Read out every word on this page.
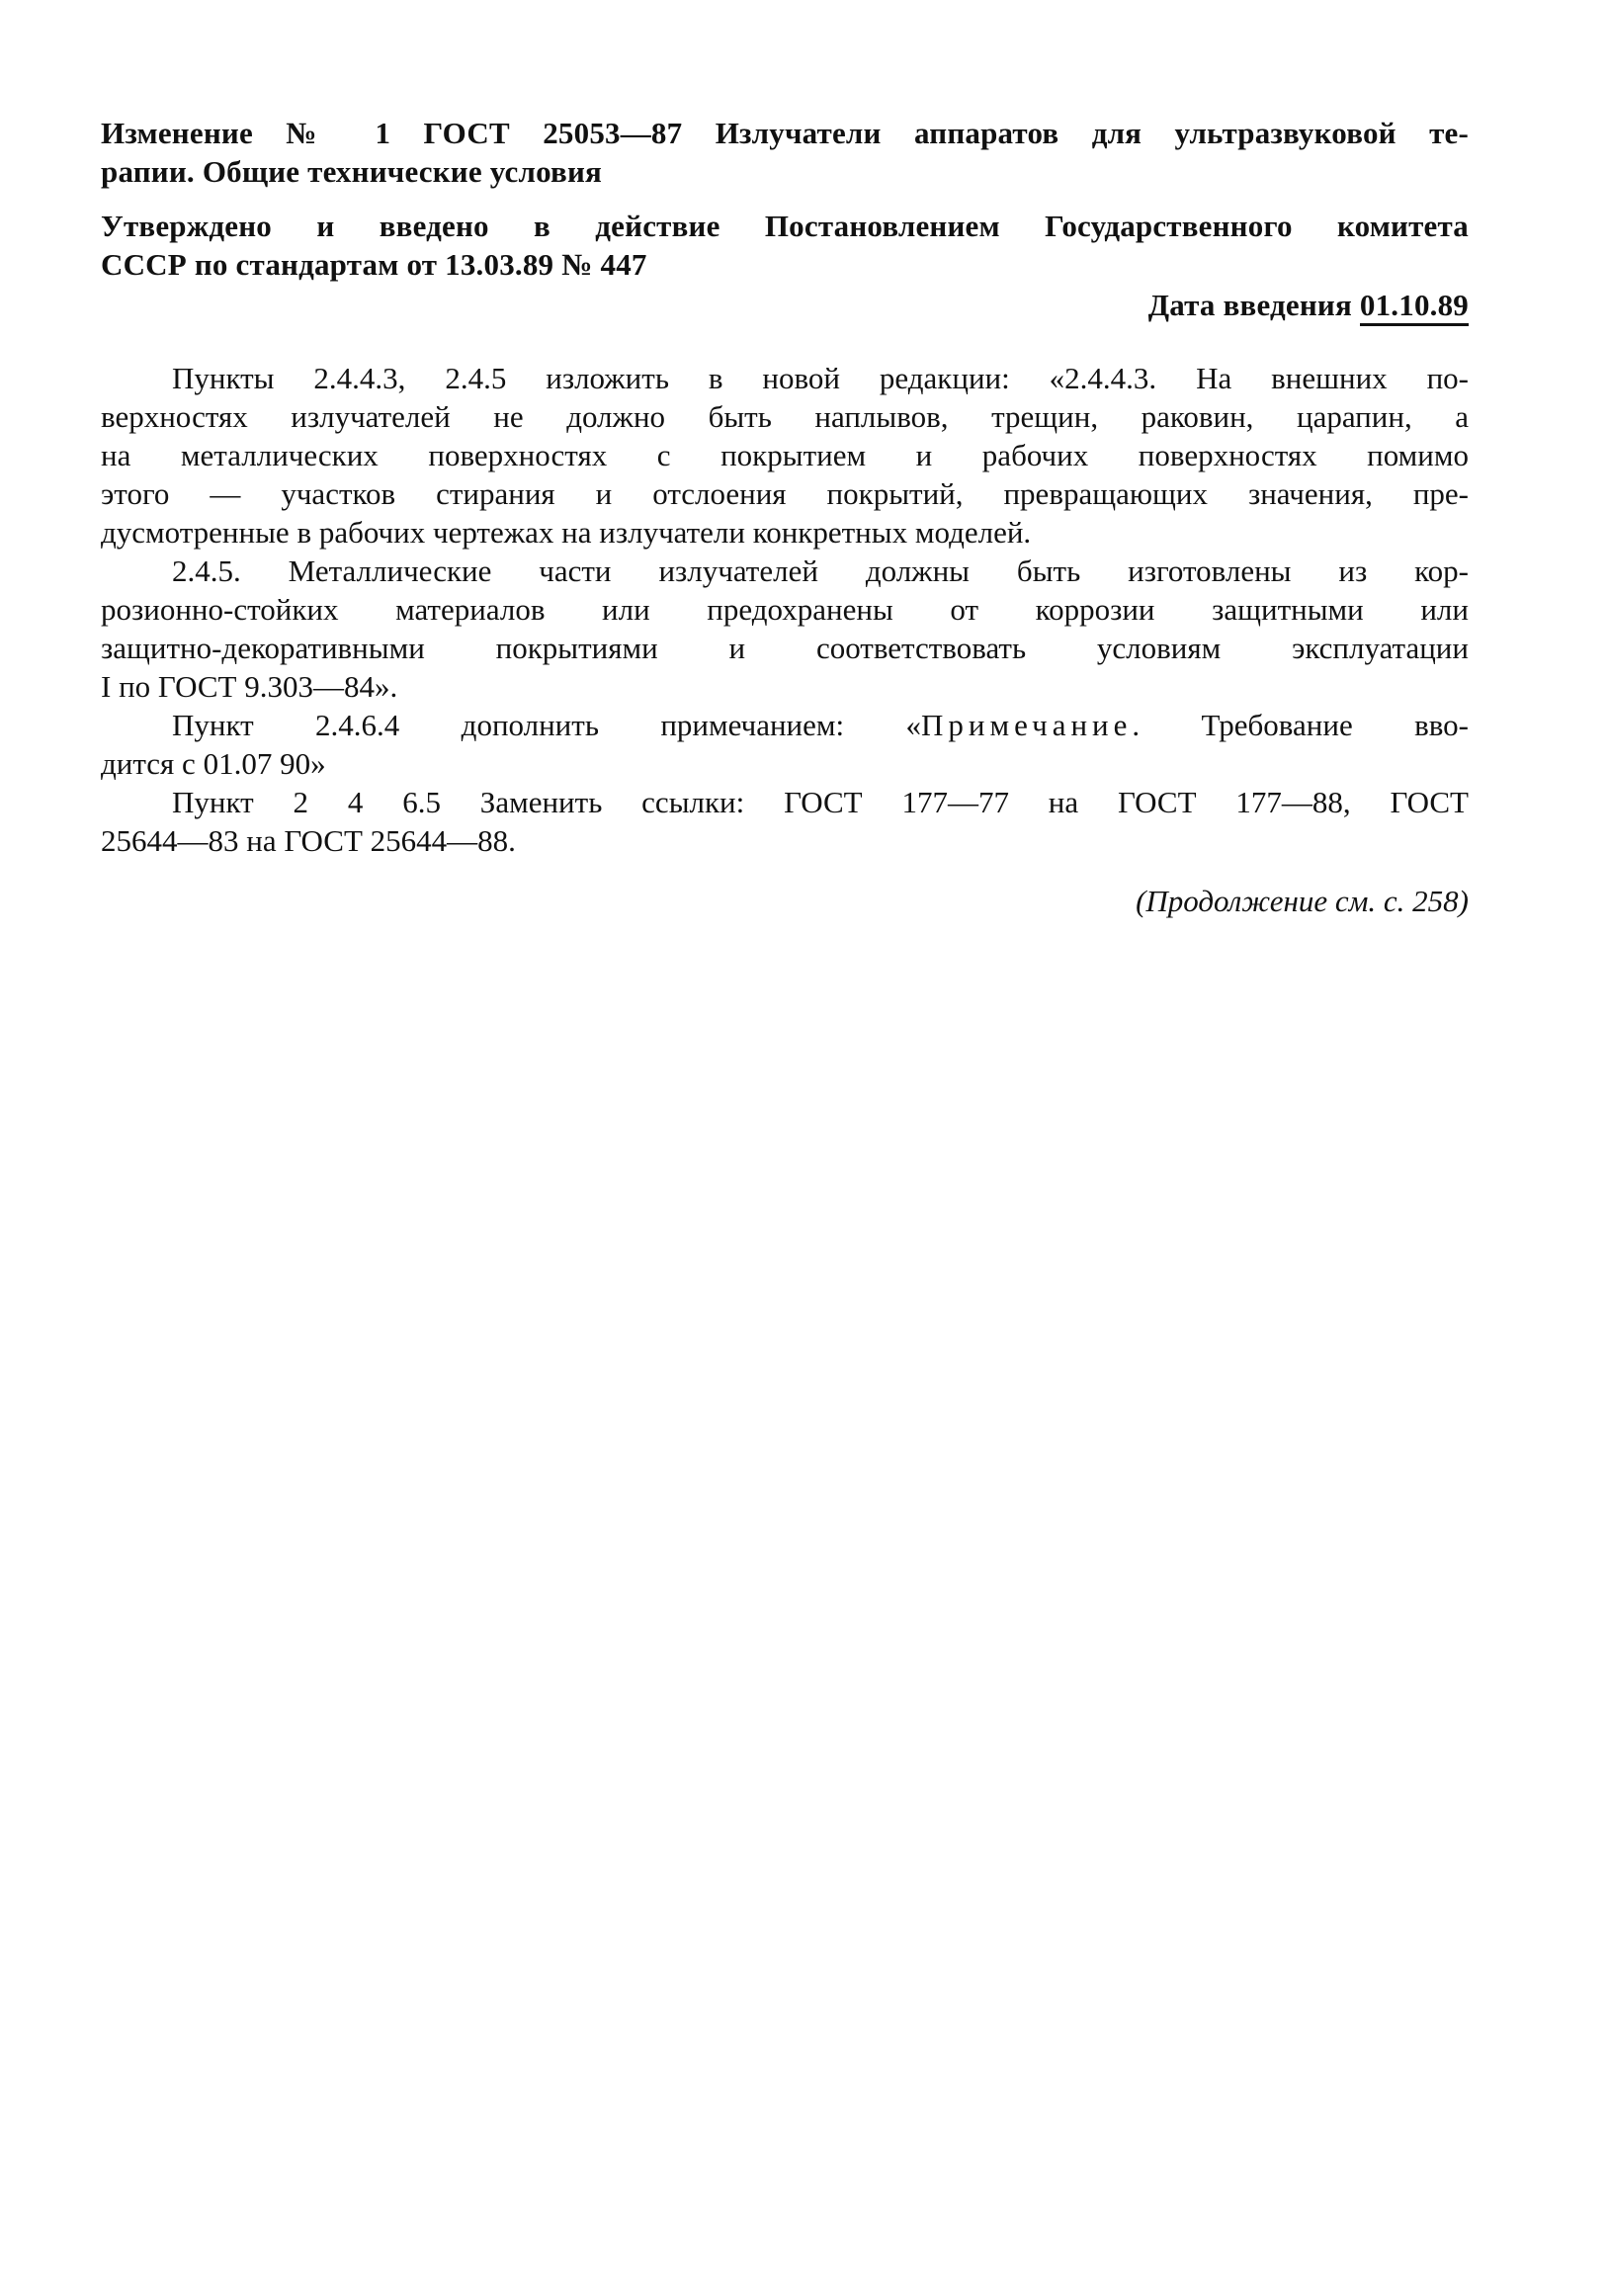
Изменение № 1 ГОСТ 25053—87 Излучатели аппаратов для ультразвуковой те-
рапии. Общие технические условия
Утверждено и введено в действие Постановлением Государственного комитета
СССР по стандартам от 13.03.89 № 447
Дата введения 01.10.89
Пункты 2.4.4.3, 2.4.5 изложить в новой редакции: «2.4.4.3. На внешних по-
верхностях излучателей не должно быть наплывов, трещин, раковин, царапин, а
на металлических поверхностях с покрытием и рабочих поверхностях помимо
этого — участков стирания и отслоения покрытий, превращающих значения, пре-
дусмотренные в рабочих чертежах на излучатели конкретных моделей.
2.4.5. Металлические части излучателей должны быть изготовлены из кор-
розионно-стойких материалов или предохранены от коррозии защитными или
защитно-декоративными покрытиями и соответствовать условиям эксплуатации
I по ГОСТ 9.303—84».
Пункт 2.4.6.4 дополнить примечанием: «Примечание. Требование вво-
дится с 01.07 90»
Пункт 2 4 6.5 Заменить ссылки: ГОСТ 177—77 на ГОСТ 177—88, ГОСТ
25644—83 на ГОСТ 25644—88.
(Продолжение см. с. 258)
